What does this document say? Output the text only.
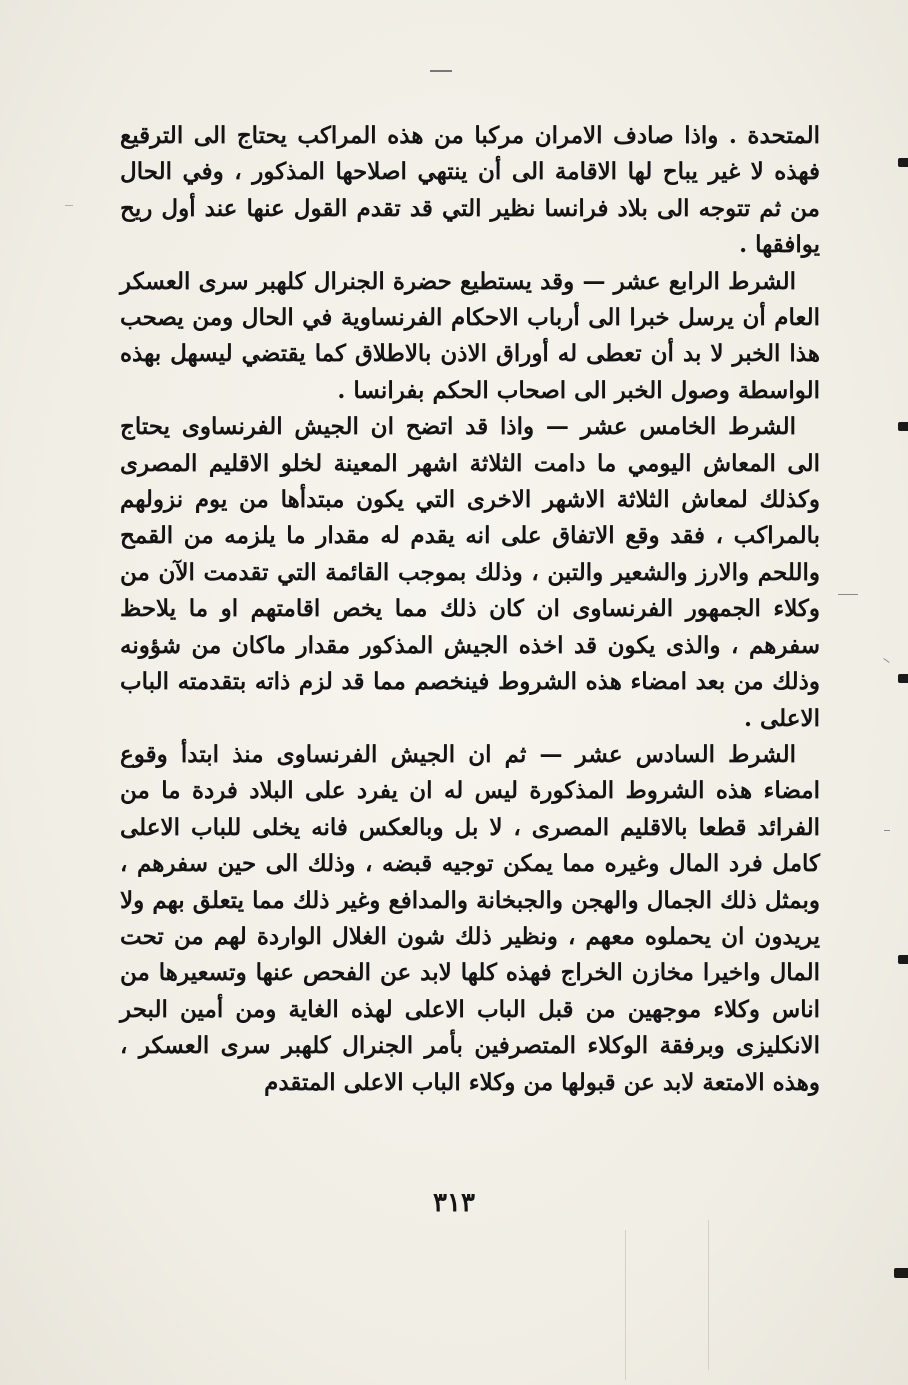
المتحدة . واذا صادف الامران مركبا من هذه المراكب يحتاج الى الترقيع فهذه لا غير يباح لها الاقامة الى أن ينتهي اصلاحها المذكور ، وفي الحال من ثم تتوجه الى بلاد فرانسا نظير التي قد تقدم القول عنها عند أول ريح يوافقها .

الشرط الرابع عشر — وقد يستطيع حضرة الجنرال كلهبر سرى العسكر العام أن يرسل خبرا الى أرباب الاحكام الفرنساوية في الحال ومن يصحب هذا الخبر لا بد أن تعطى له أوراق الاذن بالاطلاق كما يقتضي ليسهل بهذه الواسطة وصول الخبر الى اصحاب الحكم بفرانسا .

الشرط الخامس عشر — واذا قد اتضح ان الجيش الفرنساوى يحتاج الى المعاش اليومي ما دامت الثلاثة اشهر المعينة لخلو الاقليم المصرى وكذلك لمعاش الثلاثة الاشهر الاخرى التي يكون مبتدأها من يوم نزولهم بالمراكب ، فقد وقع الاتفاق على انه يقدم له مقدار ما يلزمه من القمح واللحم والارز والشعير والتبن ، وذلك بموجب القائمة التي تقدمت الآن من وكلاء الجمهور الفرنساوى ان كان ذلك مما يخص اقامتهم او ما يلاحظ سفرهم ، والذى يكون قد اخذه الجيش المذكور مقدار ماكان من شؤونه وذلك من بعد امضاء هذه الشروط فينخصم مما قد لزم ذاته بتقدمته الباب الاعلى .

الشرط السادس عشر — ثم ان الجيش الفرنساوى منذ ابتدأ وقوع امضاء هذه الشروط المذكورة ليس له ان يفرد على البلاد فردة ما من الفرائد قطعا بالاقليم المصرى ، لا بل وبالعكس فانه يخلى للباب الاعلى كامل فرد المال وغيره مما يمكن توجيه قبضه ، وذلك الى حين سفرهم ، وبمثل ذلك الجمال والهجن والجبخانة والمدافع وغير ذلك مما يتعلق بهم ولا يريدون ان يحملوه معهم ، ونظير ذلك شون الغلال الواردة لهم من تحت المال واخيرا مخازن الخراج فهذه كلها لابد عن الفحص عنها وتسعيرها من اناس وكلاء موجهين من قبل الباب الاعلى لهذه الغاية ومن أمين البحر الانكليزى وبرفقة الوكلاء المتصرفين بأمر الجنرال كلهبر سرى العسكر ، وهذه الامتعة لابد عن قبولها من وكلاء الباب الاعلى المتقدم

٣١٣
